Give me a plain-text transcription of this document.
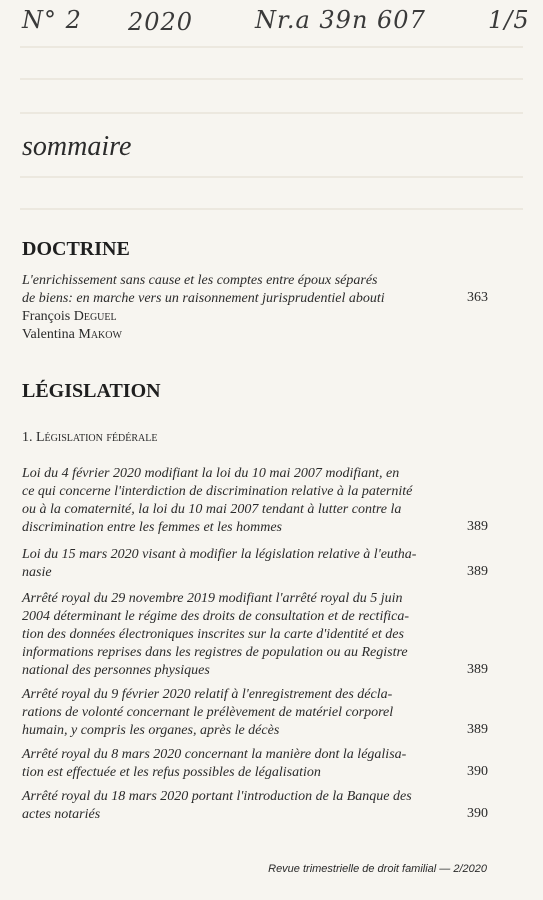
N° 2 2020	Nr.a 39n 607	1/5
sommaire
DOCTRINE
L'enrichissement sans cause et les comptes entre époux séparés
de biens: en marche vers un raisonnement jurisprudentiel abouti
François Deguel
Valentina Makow
363
LÉGISLATION
1. Législation fédérale
Loi du 4 février 2020 modifiant la loi du 10 mai 2007 modifiant, en
ce qui concerne l'interdiction de discrimination relative à la paternité
ou à la comaternité, la loi du 10 mai 2007 tendant à lutter contre la
discrimination entre les femmes et les hommes	389
Loi du 15 mars 2020 visant à modifier la législation relative à l'eutha-
nasie	389
Arrêté royal du 29 novembre 2019 modifiant l'arrêté royal du 5 juin
2004 déterminant le régime des droits de consultation et de rectifica-
tion des données électroniques inscrites sur la carte d'identité et des
informations reprises dans les registres de population ou au Registre
national des personnes physiques	389
Arrêté royal du 9 février 2020 relatif à l'enregistrement des décla-
rations de volonté concernant le prélèvement de matériel corporel
humain, y compris les organes, après le décès	389
Arrêté royal du 8 mars 2020 concernant la manière dont la légalisa-
tion est effectuée et les refus possibles de légalisation	390
Arrêté royal du 18 mars 2020 portant l'introduction de la Banque des
actes notariés	390
Revue trimestrielle de droit familial — 2/2020
